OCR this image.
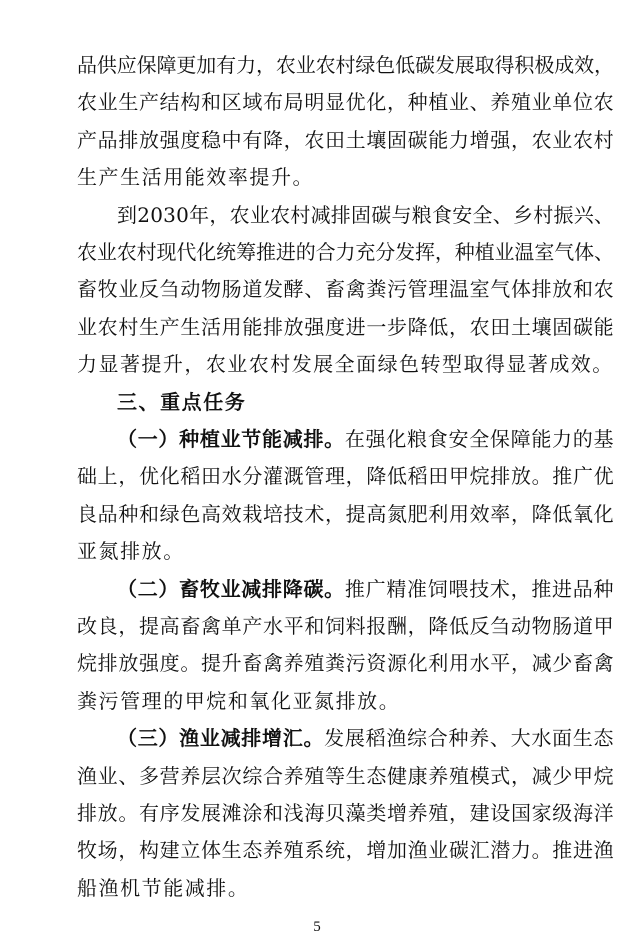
品供应保障更加有力，农业农村绿色低碳发展取得积极成效，
农业生产结构和区域布局明显优化，种植业、养殖业单位农
产品排放强度稳中有降，农田土壤固碳能力增强，农业农村
生产生活用能效率提升。
到2030年，农业农村减排固碳与粮食安全、乡村振兴、
农业农村现代化统筹推进的合力充分发挥，种植业温室气体、
畜牧业反刍动物肠道发酵、畜禽粪污管理温室气体排放和农
业农村生产生活用能排放强度进一步降低，农田土壤固碳能
力显著提升，农业农村发展全面绿色转型取得显著成效。
三、重点任务
（一）种植业节能减排。在强化粮食安全保障能力的基
础上，优化稻田水分灌溉管理，降低稻田甲烷排放。推广优
良品种和绿色高效栽培技术，提高氮肥利用效率，降低氧化
亚氮排放。
（二）畜牧业减排降碳。推广精准饲喂技术，推进品种
改良，提高畜禽单产水平和饲料报酬，降低反刍动物肠道甲
烷排放强度。提升畜禽养殖粪污资源化利用水平，减少畜禽
粪污管理的甲烷和氧化亚氮排放。
（三）渔业减排增汇。发展稻渔综合种养、大水面生态
渔业、多营养层次综合养殖等生态健康养殖模式，减少甲烷
排放。有序发展滩涂和浅海贝藻类增养殖，建设国家级海洋
牧场，构建立体生态养殖系统，增加渔业碳汇潜力。推进渔
船渔机节能减排。
5
